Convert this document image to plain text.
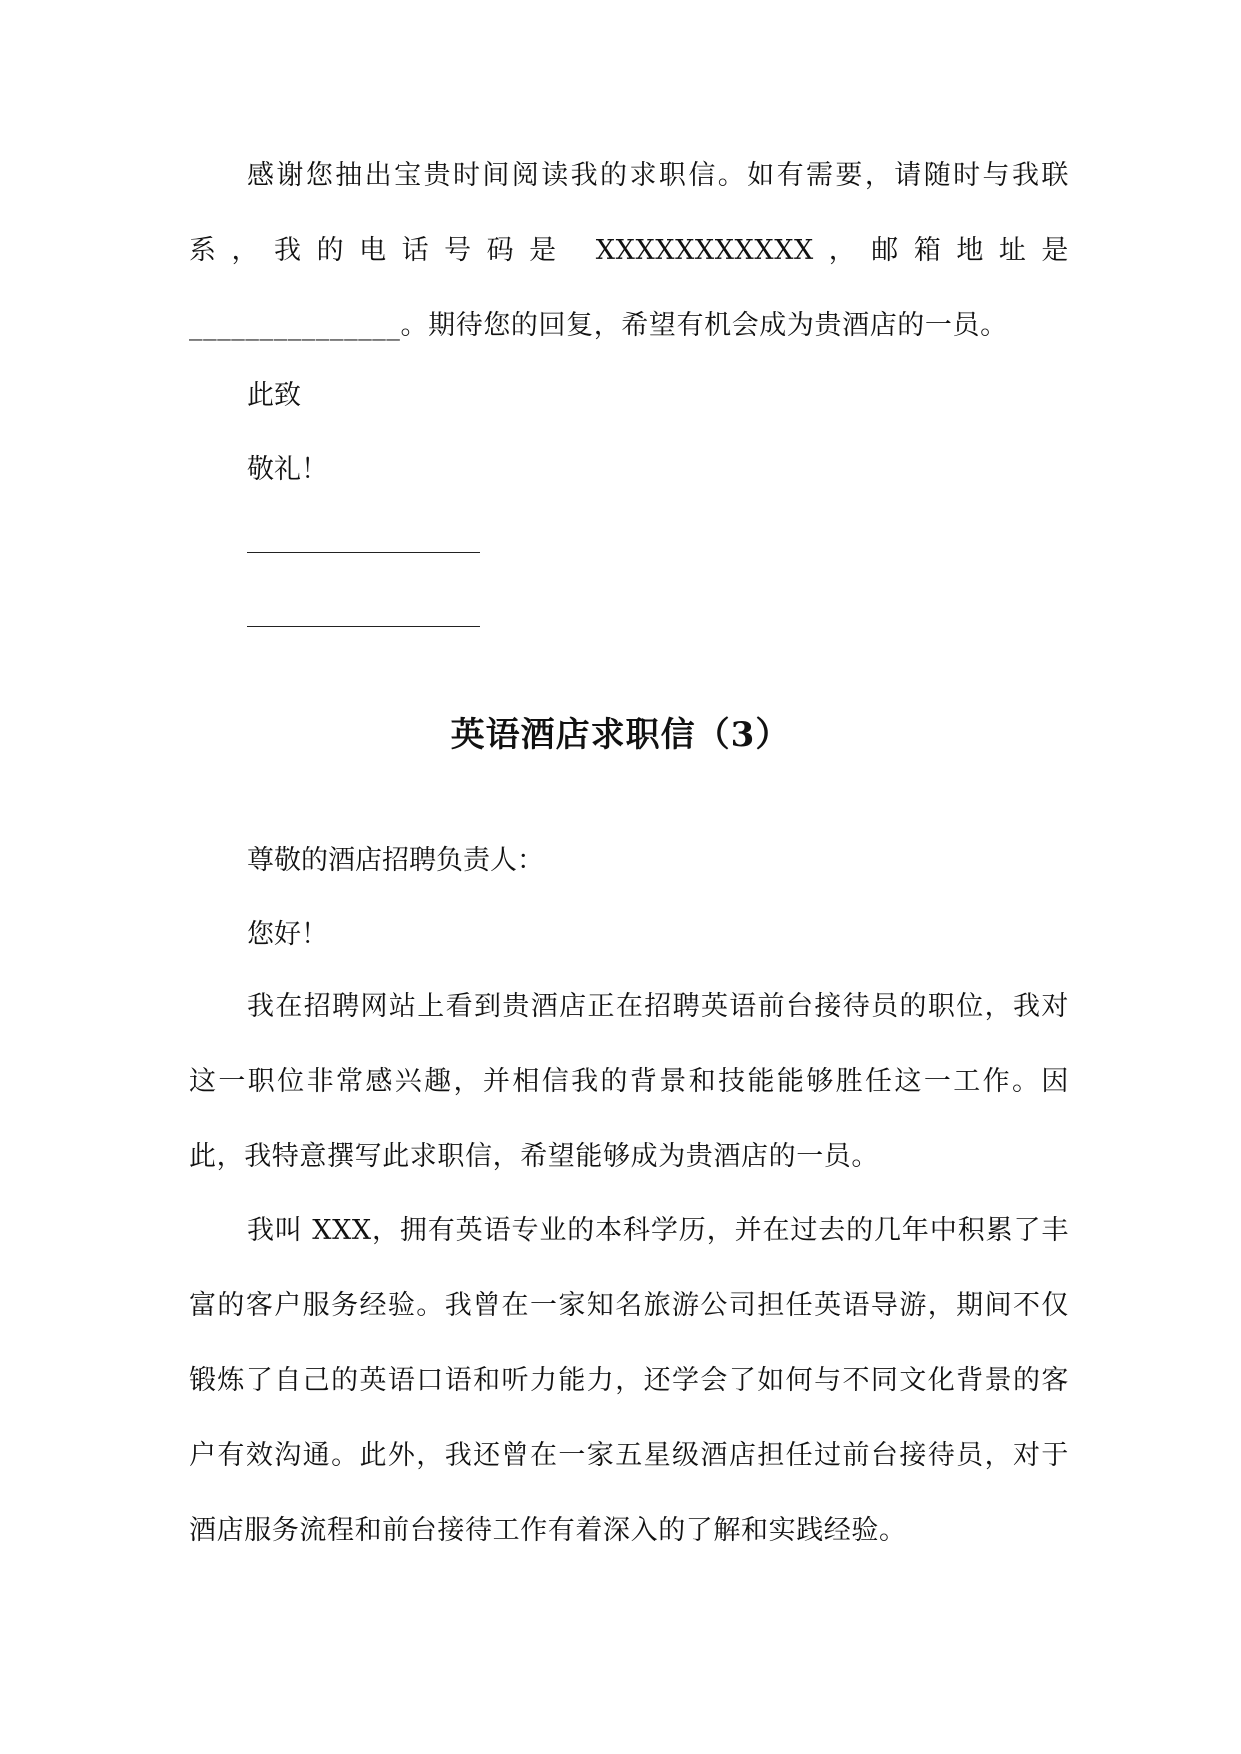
感谢您抽出宝贵时间阅读我的求职信。如有需要，请随时与我联系，我的电话号码是 XXXXXXXXXXX，邮箱地址是_______________。期待您的回复，希望有机会成为贵酒店的一员。

此致

敬礼！

英语酒店求职信（3）

尊敬的酒店招聘负责人：

您好！

我在招聘网站上看到贵酒店正在招聘英语前台接待员的职位，我对这一职位非常感兴趣，并相信我的背景和技能能够胜任这一工作。因此，我特意撰写此求职信，希望能够成为贵酒店的一员。

我叫 XXX，拥有英语专业的本科学历，并在过去的几年中积累了丰富的客户服务经验。我曾在一家知名旅游公司担任英语导游，期间不仅锻炼了自己的英语口语和听力能力，还学会了如何与不同文化背景的客户有效沟通。此外，我还曾在一家五星级酒店担任过前台接待员，对于酒店服务流程和前台接待工作有着深入的了解和实践经验。
